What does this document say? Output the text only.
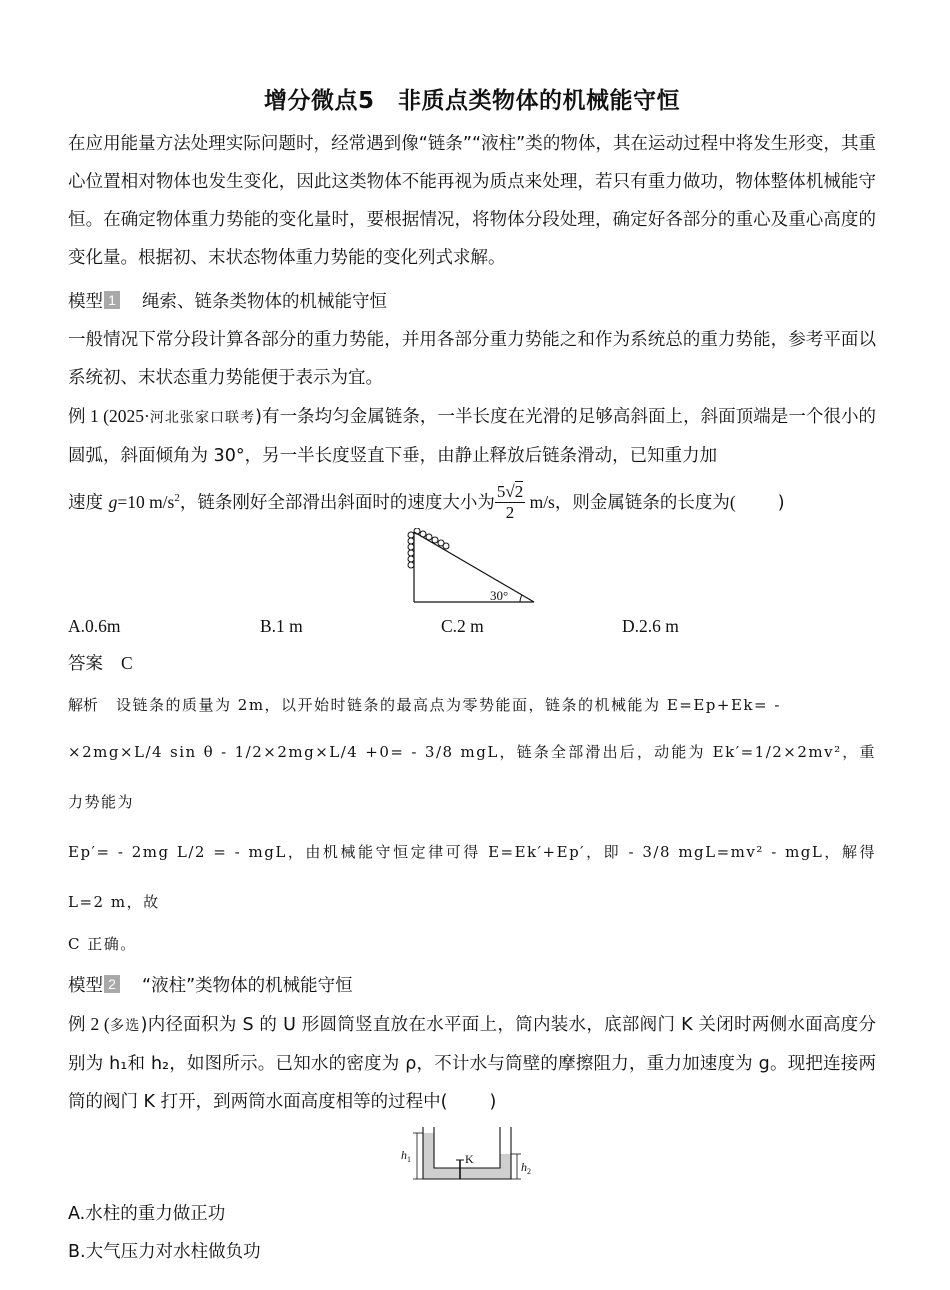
增分微点5　非质点类物体的机械能守恒

在应用能量方法处理实际问题时，经常遇到像“链条”“液柱”类的物体，其在运动过程中将发生形变，其重心位置相对物体也发生变化，因此这类物体不能再视为质点来处理，若只有重力做功，物体整体机械能守恒。在确定物体重力势能的变化量时，要根据情况，将物体分段处理，确定好各部分的重心及重心高度的变化量。根据初、末状态物体重力势能的变化列式求解。

模型 1 绳索、链条类物体的机械能守恒

一般情况下常分段计算各部分的重力势能，并用各部分重力势能之和作为系统总的重力势能，参考平面以系统初、末状态重力势能便于表示为宜。

例 1 (2025·河北张家口联考)有一条均匀金属链条，一半长度在光滑的足够高斜面上，斜面顶端是一个很小的圆弧，斜面倾角为 30°，另一半长度竖直下垂，由静止释放后链条滑动，已知重力加

速度 g=10 $m/s^2$，链条刚好全部滑出斜面时的速度大小为 $\frac{5√2}{2} m/s$，则金属链条的长度为( )

30°
A.0.6m	B.1 m	C.2 m	D.2.6 m

答案 C

解析 设链条的质量为 2m，以开始时链条的最高点为零势能面，链条的机械能为 E=Ep+Ek= -

×2mg×L/4 sin θ - 1/2×2mg×L/4 +0= - 3/8 mgL，链条全部滑出后，动能为 Ek′=1/2×2mv²，重力势能为

Ep′= - 2mg L/2 = - mgL，由机械能守恒定律可得 E=Ek′+Ep′，即 - 3/8 mgL=mv² - mgL，解得 L=2 m，故

C 正确。

模型 2 “液柱”类物体的机械能守恒

例 2 (多选)内径面积为 S 的 U 形圆筒竖直放在水平面上，筒内装水，底部阀门 K 关闭时两侧水面高度分别为 h₁和 h₂，如图所示。已知水的密度为 ρ，不计水与筒壁的摩擦阻力，重力加速度为 g。现把连接两筒的阀门 K 打开，到两筒水面高度相等的过程中( )

K
$h_1$
$h_2$

A.水柱的重力做正功

B.大气压力对水柱做负功
